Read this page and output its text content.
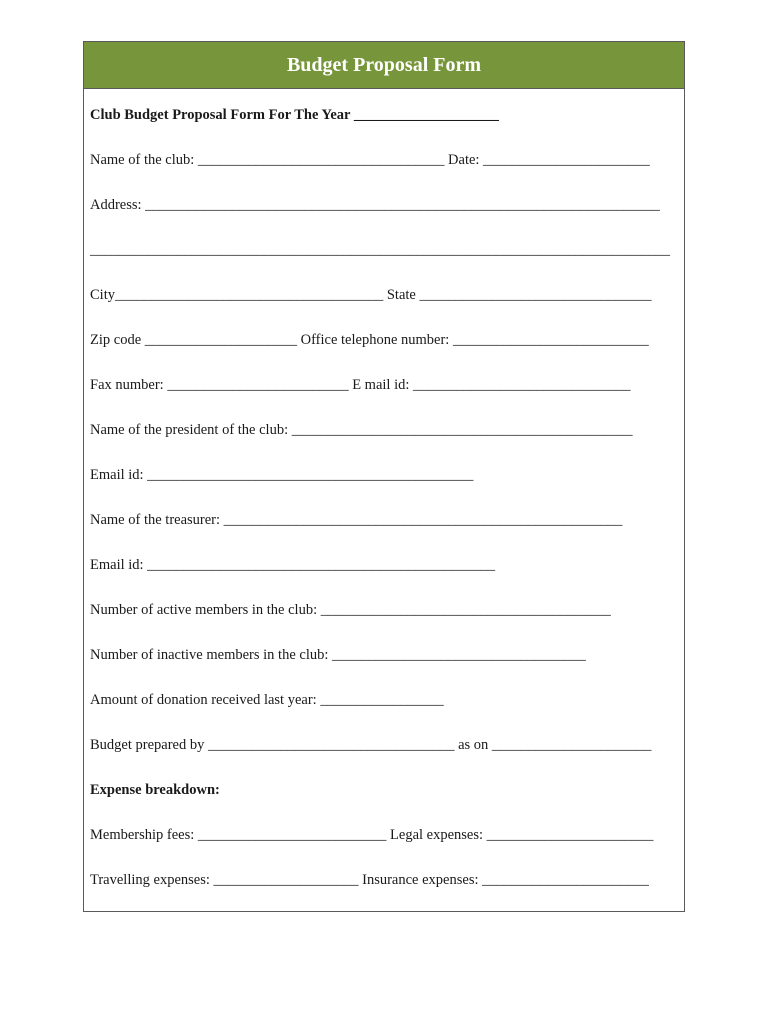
Budget Proposal Form
Club Budget Proposal Form For The Year ____________________
Name of the club: __________________________________ Date: _______________________
Address: _______________________________________________________________________
________________________________________________________________________________
City_____________________________________ State ________________________________
Zip code _____________________ Office telephone number: ___________________________
Fax number: _________________________ E mail id: ______________________________
Name of the president of the club: _______________________________________________
Email id: _____________________________________________
Name of the treasurer: _______________________________________________________
Email id: ________________________________________________
Number of active members in the club: ________________________________________
Number of inactive members in the club: ___________________________________
Amount of donation received last year: _________________
Budget prepared by __________________________________ as on ______________________
Expense breakdown:
Membership fees: __________________________ Legal expenses: _______________________
Travelling expenses: ____________________ Insurance expenses: _______________________
